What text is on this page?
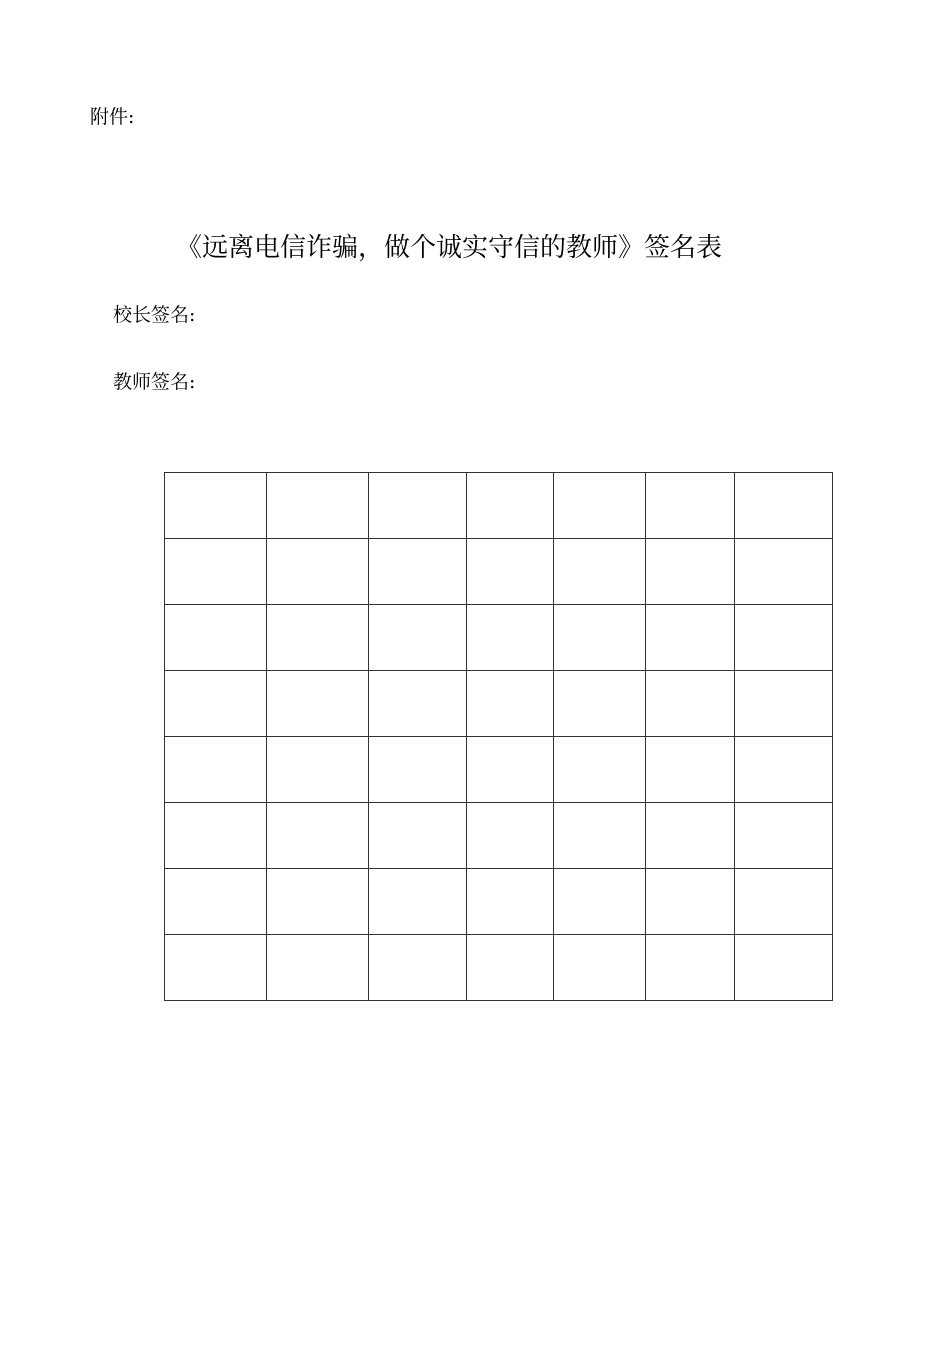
附件:
《远离电信诈骗，做个诚实守信的教师》签名表
校长签名:
教师签名:
